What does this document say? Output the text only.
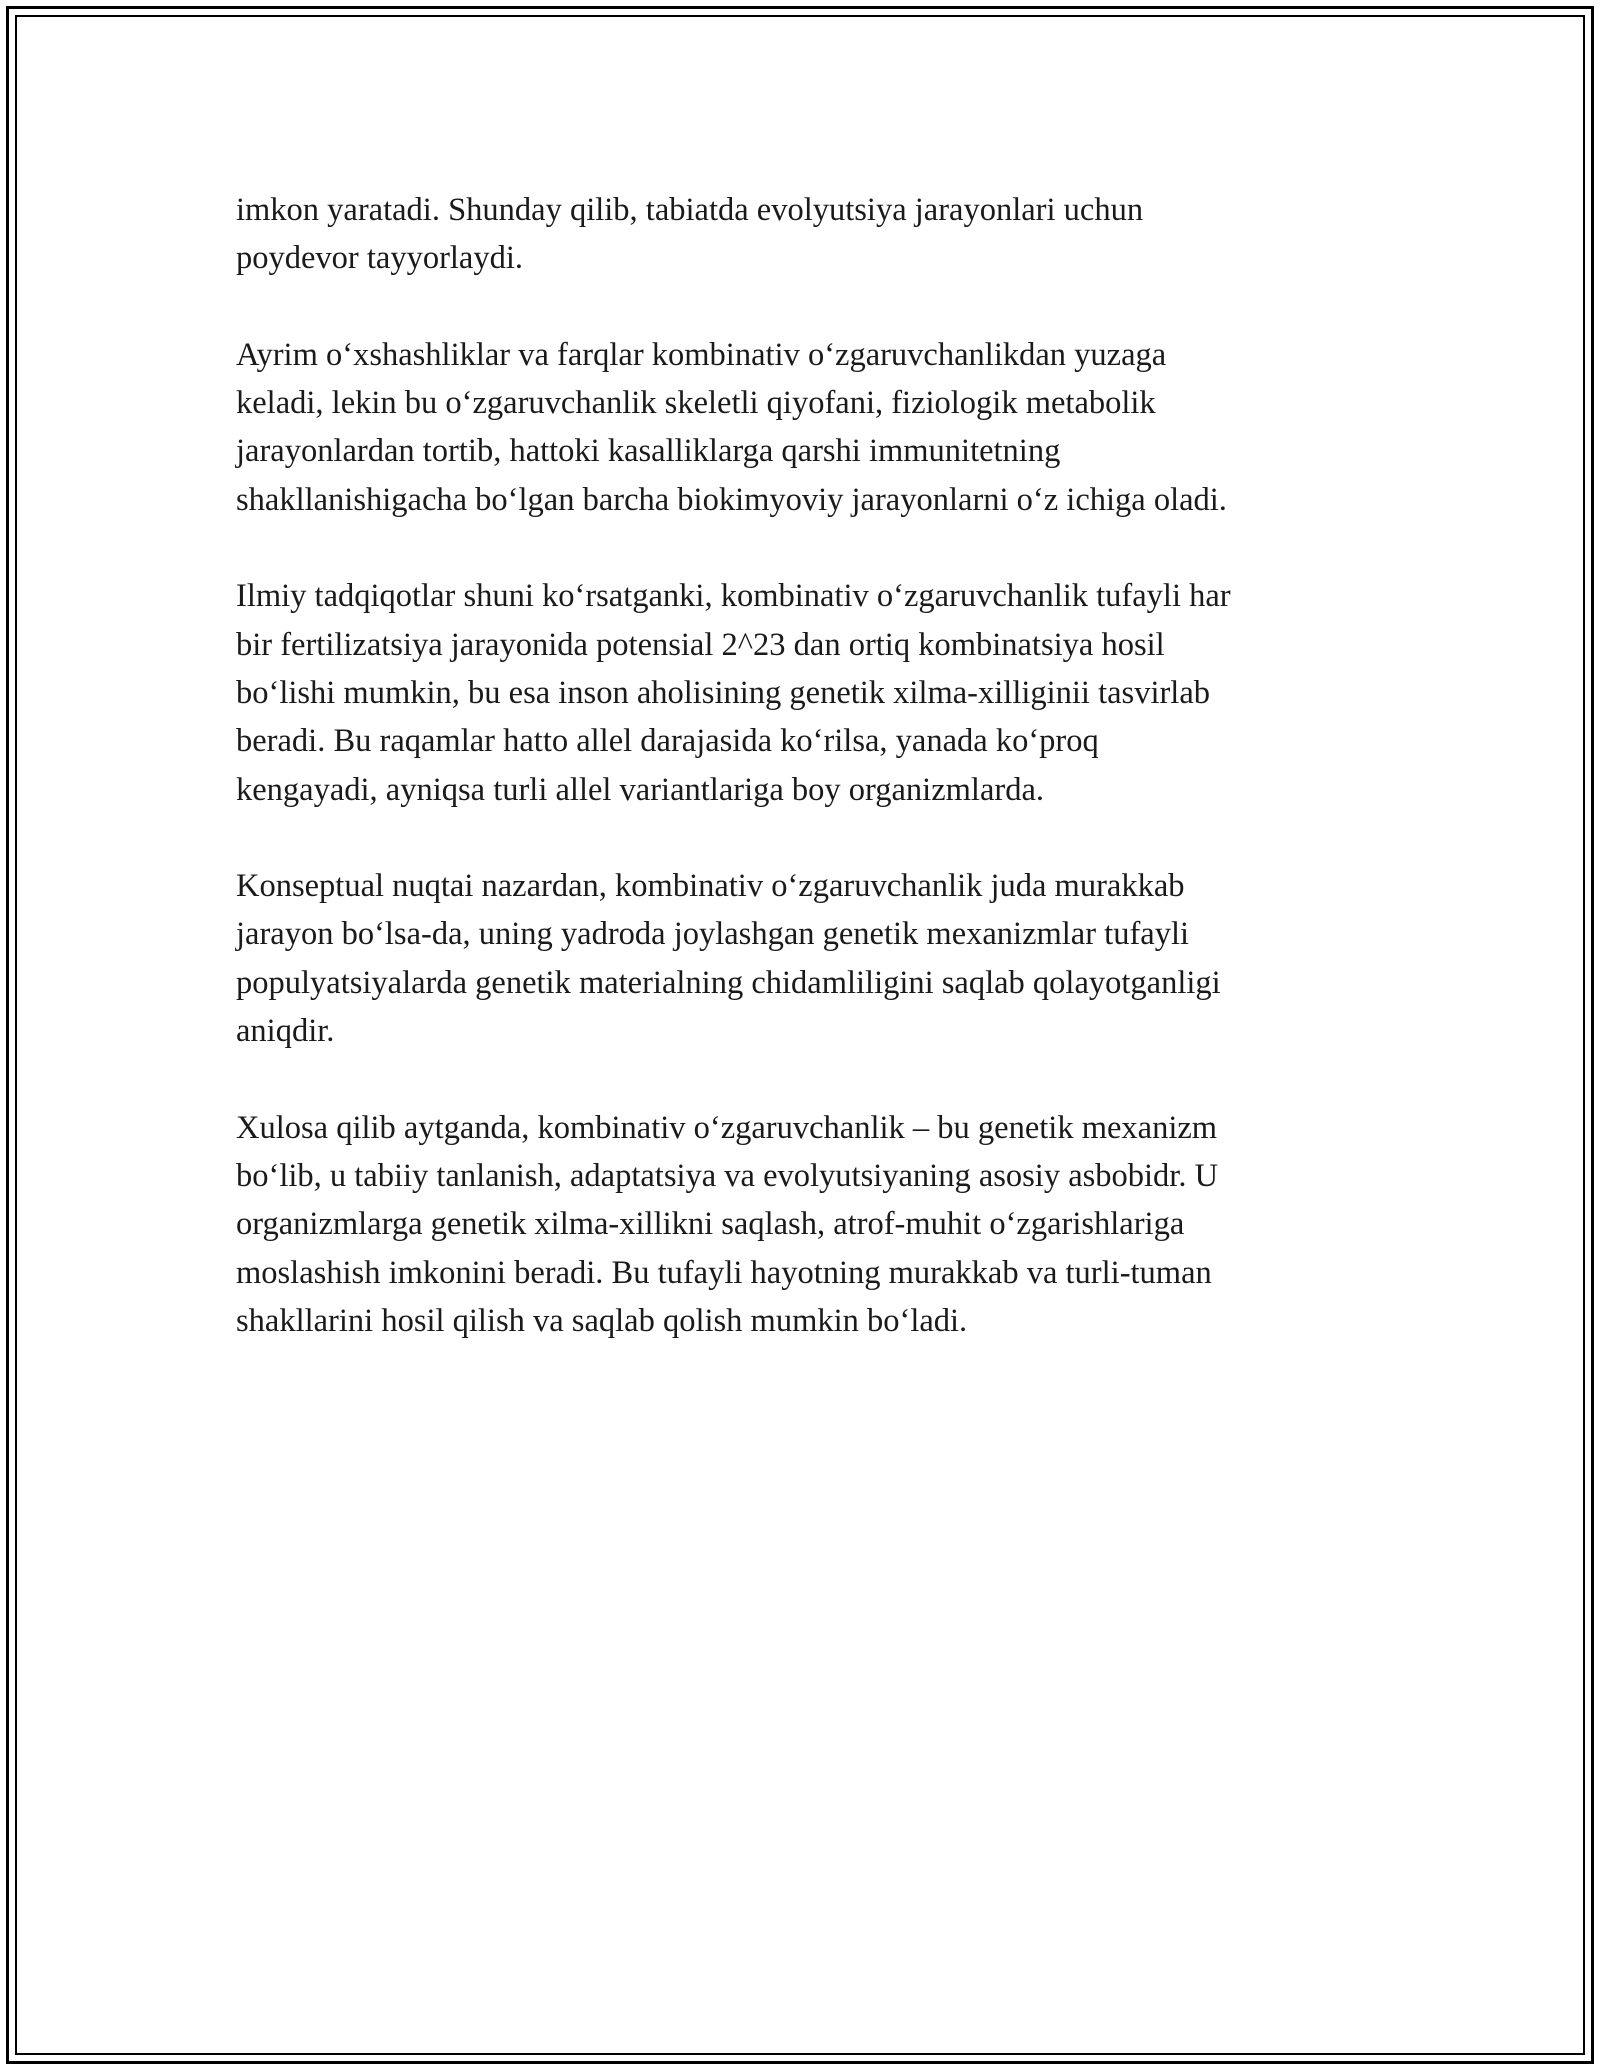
imkon yaratadi. Shunday qilib, tabiatda evolyutsiya jarayonlari uchun
poydevor tayyorlaydi.

Ayrim o‘xshashliklar va farqlar kombinativ o‘zgaruvchanlikdan yuzaga
keladi, lekin bu o‘zgaruvchanlik skeletli qiyofani, fiziologik metabolik
jarayonlardan tortib, hattoki kasalliklarga qarshi immunitetning
shakllanishigacha bo‘lgan barcha biokimyoviy jarayonlarni o‘z ichiga oladi.

Ilmiy tadqiqotlar shuni ko‘rsatganki, kombinativ o‘zgaruvchanlik tufayli har
bir fertilizatsiya jarayonida potensial 2^23 dan ortiq kombinatsiya hosil
bo‘lishi mumkin, bu esa inson aholisining genetik xilma-xilliginii tasvirlab
beradi. Bu raqamlar hatto allel darajasida ko‘rilsa, yanada ko‘proq
kengayadi, ayniqsa turli allel variantlariga boy organizmlarda.

Konseptual nuqtai nazardan, kombinativ o‘zgaruvchanlik juda murakkab
jarayon bo‘lsa-da, uning yadroda joylashgan genetik mexanizmlar tufayli
populyatsiyalarda genetik materialning chidamliligini saqlab qolayotganligi
aniqdir.

Xulosa qilib aytganda, kombinativ o‘zgaruvchanlik – bu genetik mexanizm
bo‘lib, u tabiiy tanlanish, adaptatsiya va evolyutsiyaning asosiy asbobidr. U
organizmlarga genetik xilma-xillikni saqlash, atrof-muhit o‘zgarishlariga
moslashish imkonini beradi. Bu tufayli hayotning murakkab va turli-tuman
shakllarini hosil qilish va saqlab qolish mumkin bo‘ladi.
